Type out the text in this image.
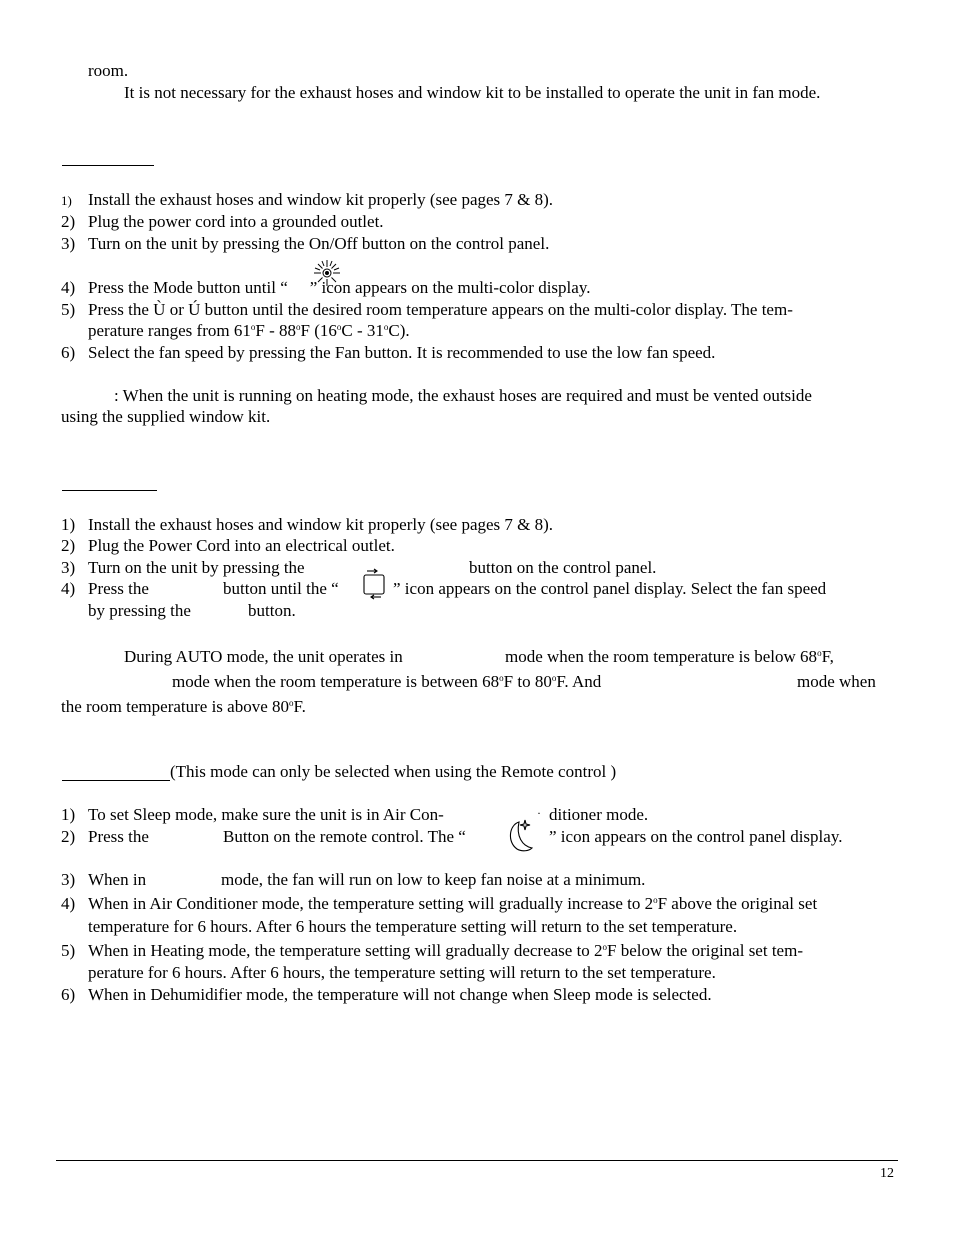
room.
It is not necessary for the exhaust hoses and window kit to be installed to operate the unit in fan mode.
1) Install the exhaust hoses and window kit properly (see pages 7 & 8).
2) Plug the power cord into a grounded outlet.
3) Turn on the unit by pressing the On/Off button on the control panel.
4) Press the Mode button until “ ” icon appears on the multi-color display.
5) Press the Ù or Ú button until the desired room temperature appears on the multi-color display. The tem-
perature ranges from 61$^o$F - 88$^o$F (16$^o$C - 31$^o$C).
6) Select the fan speed by pressing the Fan button. It is recommended to use the low fan speed.
: When the unit is running on heating mode, the exhaust hoses are required and must be vented outside
using the supplied window kit.
1) Install the exhaust hoses and window kit properly (see pages 7 & 8).
2) Plug the Power Cord into an electrical outlet.
3) Turn on the unit by pressing the	button on the control panel.
4) Press the	button until the “	” icon appears on the control panel display. Select the fan speed
by pressing the	button.
During AUTO mode, the unit operates in	mode when the room temperature is below 68$^o$F,
mode when the room temperature is between 68$^o$F to 80$^o$F. And	mode when
the room temperature is above 80$^o$F.
(This mode can only be selected when using the Remote control )
1) To set Sleep mode, make sure the unit is in Air Con-	· ditioner mode.
2) Press the	Button on the remote control. The “	” icon appears on the control panel display.
3) When in	mode, the fan will run on low to keep fan noise at a minimum.
4) When in Air Conditioner mode, the temperature setting will gradually increase to 2$^o$F above the original set
temperature for 6 hours. After 6 hours the temperature setting will return to the set temperature.
5) When in Heating mode, the temperature setting will gradually decrease to 2$^o$F below the original set tem-
perature for 6 hours. After 6 hours, the temperature setting will return to the set temperature.
6) When in Dehumidifier mode, the temperature will not change when Sleep mode is selected.
12
